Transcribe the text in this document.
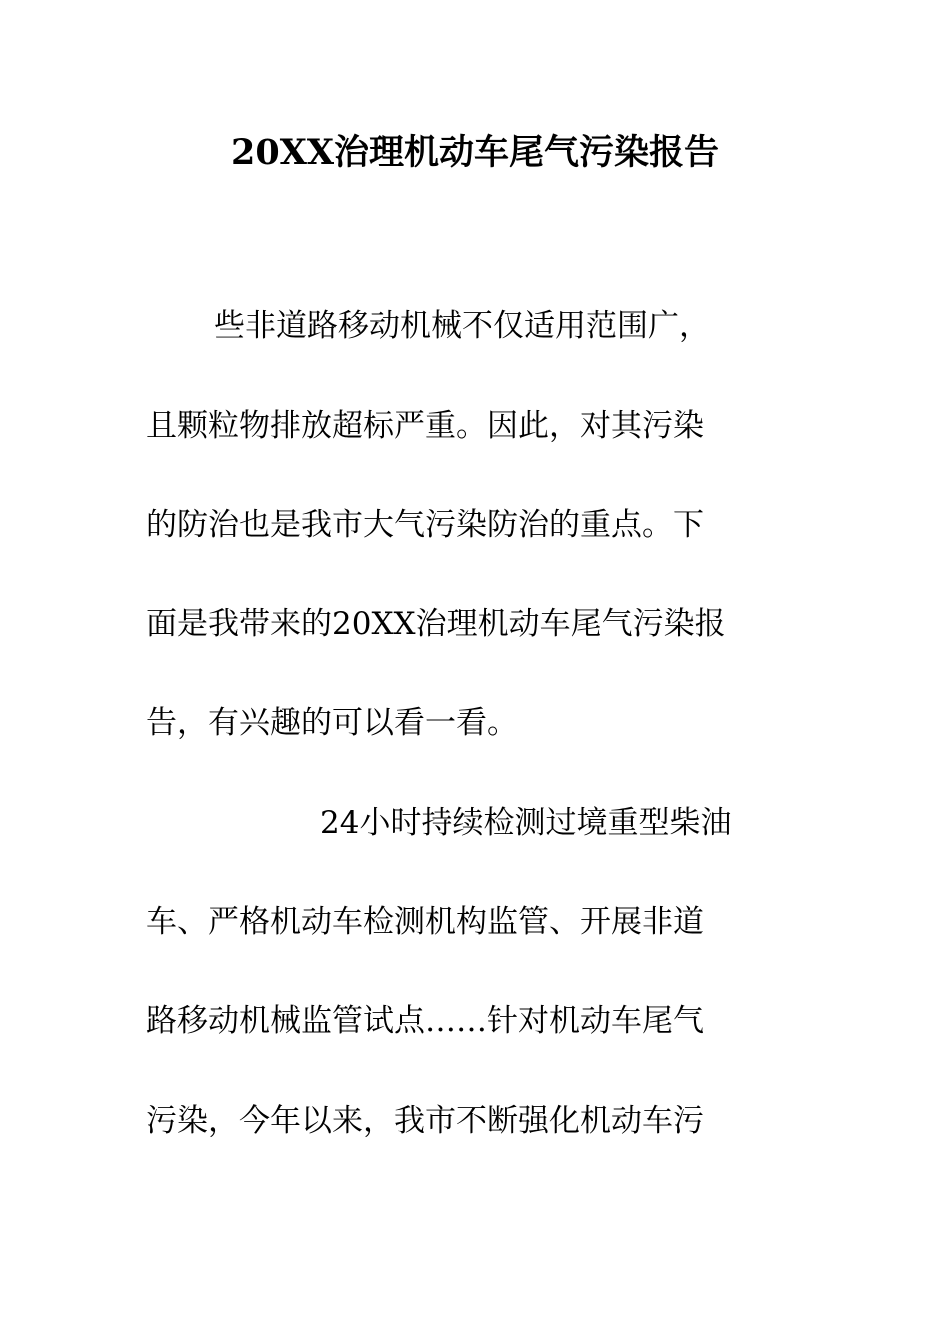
20XX治理机动车尾气污染报告
些非道路移动机械不仅适用范围广，
且颗粒物排放超标严重。因此，对其污染
的防治也是我市大气污染防治的重点。下
面是我带来的20XX治理机动车尾气污染报
告，有兴趣的可以看一看。
24小时持续检测过境重型柴油
车、严格机动车检测机构监管、开展非道
路移动机械监管试点……针对机动车尾气
污染，今年以来，我市不断强化机动车污
